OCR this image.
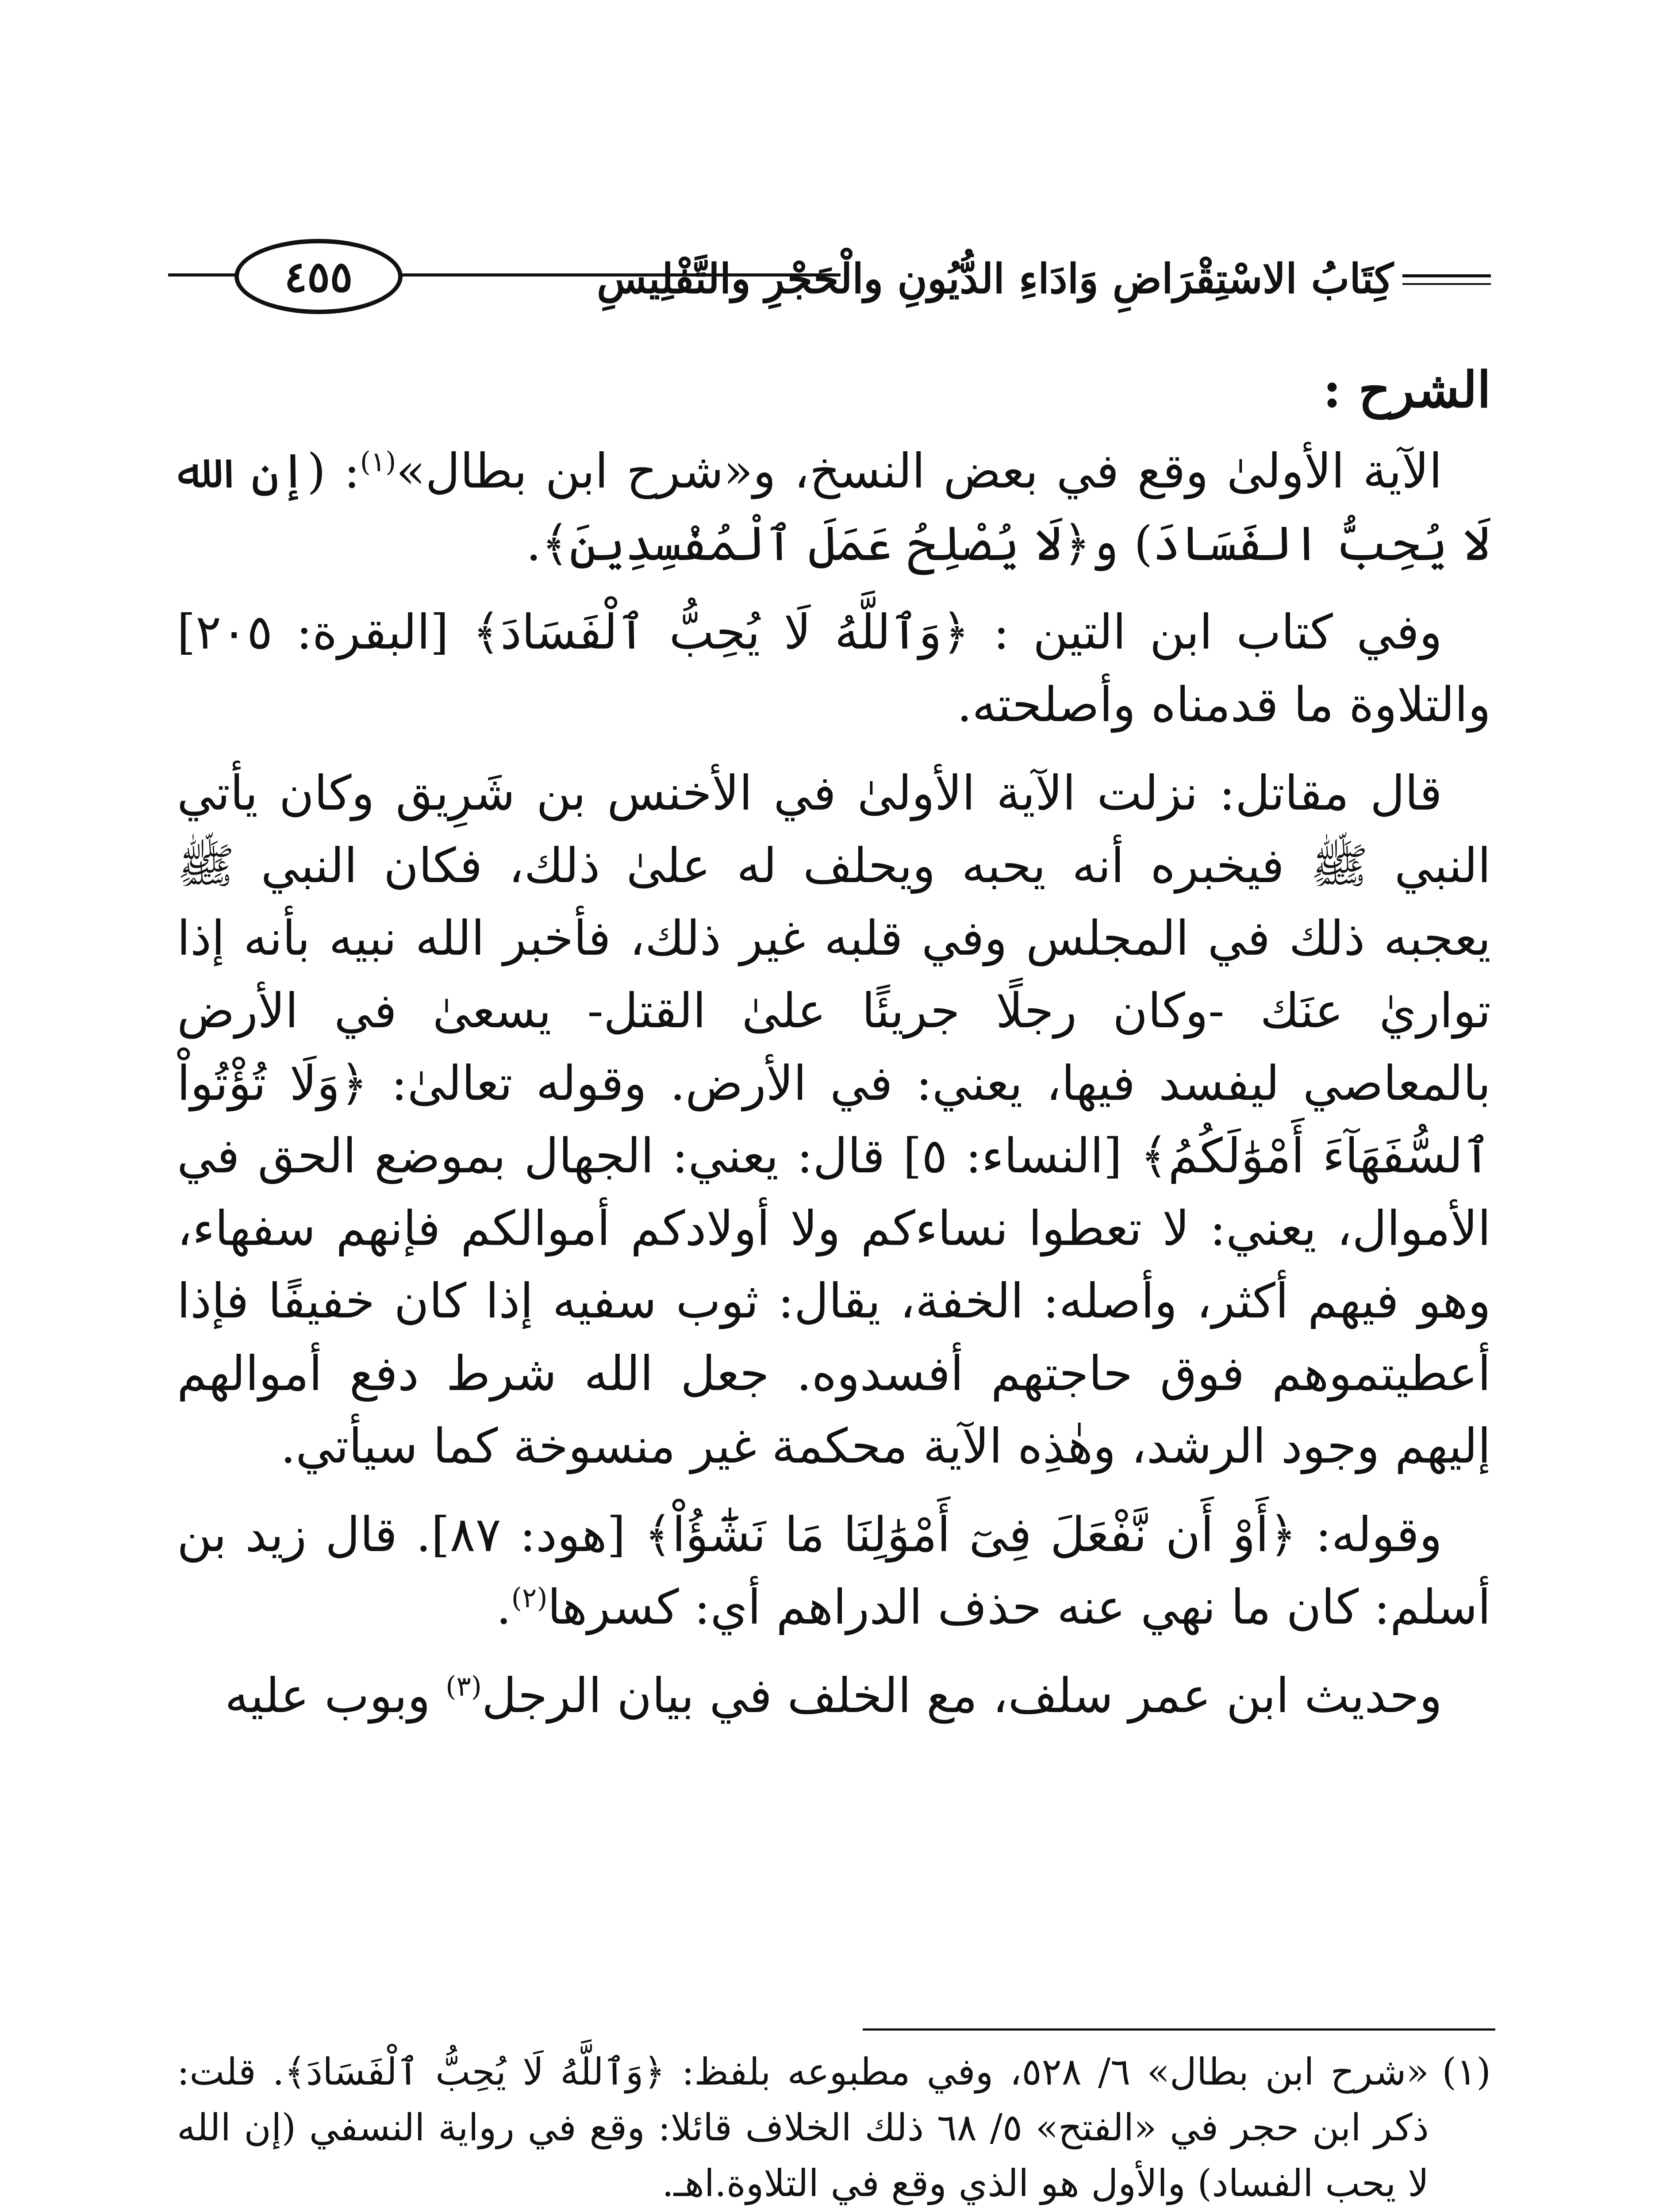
كِتَابُ الاسْتِقْرَاضِ وَادَاءِ الدُّيُونِ والْحَجْرِ والتَّفْلِيسِ
٤٥٥

الشرح :

الآية الأولىٰ وقع في بعض النسخ، و«شرح ابن بطال»$^{(١)}$: (إن الله لَا يُحِبُّ الفَسَادَ) و﴿لَا يُصْلِحُ عَمَلَ ٱلْمُفْسِدِينَ﴾.

وفي كتاب ابن التين : ﴿وَٱللَّهُ لَا يُحِبُّ ٱلْفَسَادَ﴾ [البقرة: ٢٠٥] والتلاوة ما قدمناه وأصلحته.

قال مقاتل: نزلت الآية الأولىٰ في الأخنس بن شَرِيق وكان يأتي النبي ﷺ فيخبره أنه يحبه ويحلف له علىٰ ذلك، فكان النبي ﷺ يعجبه ذلك في المجلس وفي قلبه غير ذلك، فأخبر الله نبيه بأنه إذا تواريٰ عنَك -وكان رجلًا جريئًا علىٰ القتل- يسعىٰ في الأرض بالمعاصي ليفسد فيها، يعني: في الأرض. وقوله تعالىٰ: ﴿وَلَا تُؤْتُواْ ٱلسُّفَهَآءَ أَمْوَٰلَكُمُ﴾ [النساء: ٥] قال: يعني: الجهال بموضع الحق في الأموال، يعني: لا تعطوا نساءكم ولا أولادكم أموالكم فإنهم سفهاء، وهو فيهم أكثر، وأصله: الخفة، يقال: ثوب سفيه إذا كان خفيفًا فإذا أعطيتموهم فوق حاجتهم أفسدوه. جعل الله شرط دفع أموالهم إليهم وجود الرشد، وهٰذِه الآية محكمة غير منسوخة كما سيأتي.

وقوله: ﴿أَوْ أَن نَّفْعَلَ فِىٓ أَمْوَٰلِنَا مَا نَشَٰٓؤُاْ﴾ [هود: ٨٧]. قال زيد بن أسلم: كان ما نهي عنه حذف الدراهم أي: كسرها$^{(٢)}$.

وحديث ابن عمر سلف، مع الخلف في بيان الرجل$^{(٣)}$ وبوب عليه

(١)
«شرح ابن بطال» ٦/ ٥٢٨، وفي مطبوعه بلفظ: ﴿وَٱللَّهُ لَا يُحِبُّ ٱلْفَسَادَ﴾. قلت: ذكر ابن حجر في «الفتح» ٥/ ٦٨ ذلك الخلاف قائلا: وقع في رواية النسفي (إن الله لا يحب الفساد) والأول هو الذي وقع في التلاوة.اهـ.
